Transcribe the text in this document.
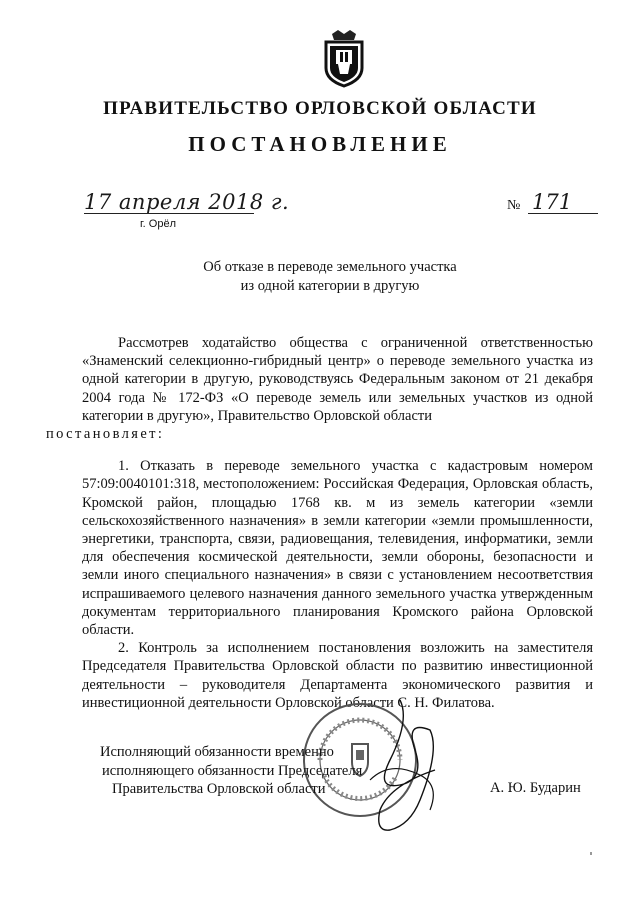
ПРАВИТЕЛЬСТВО ОРЛОВСКОЙ ОБЛАСТИ
ПОСТАНОВЛЕНИЕ
17 апреля 2018 г.
г. Орёл
№ 171
Об отказе в переводе земельного участка
из одной категории в другую

Рассмотрев ходатайство общества с ограниченной ответственностью «Знаменский селекционно-гибридный центр» о переводе земельного участка из одной категории в другую, руководствуясь Федеральным законом от 21 декабря 2004 года № 172-ФЗ «О переводе земель или земельных участков из одной категории в другую», Правительство Орловской области
постановляет:

1. Отказать в переводе земельного участка с кадастровым номером 57:09:0040101:318, местоположением: Российская Федерация, Орловская область, Кромской район, площадью 1768 кв. м из земель категории «земли сельскохозяйственного назначения» в земли категории «земли промышленности, энергетики, транспорта, связи, радиовещания, телевидения, информатики, земли для обеспечения космической деятельности, земли обороны, безопасности и земли иного специального назначения» в связи с установлением несоответствия испрашиваемого целевого назначения данного земельного участка утвержденным документам территориального планирования Кромского района Орловской области.

2. Контроль за исполнением постановления возложить на заместителя Председателя Правительства Орловской области по развитию инвестиционной деятельности – руководителя Департамента экономического развития и инвестиционной деятельности Орловской области С. Н. Филатова.

Исполняющий обязанности временно
исполняющего обязанности Председателя
Правительства Орловской области	А. Ю. Бударин
